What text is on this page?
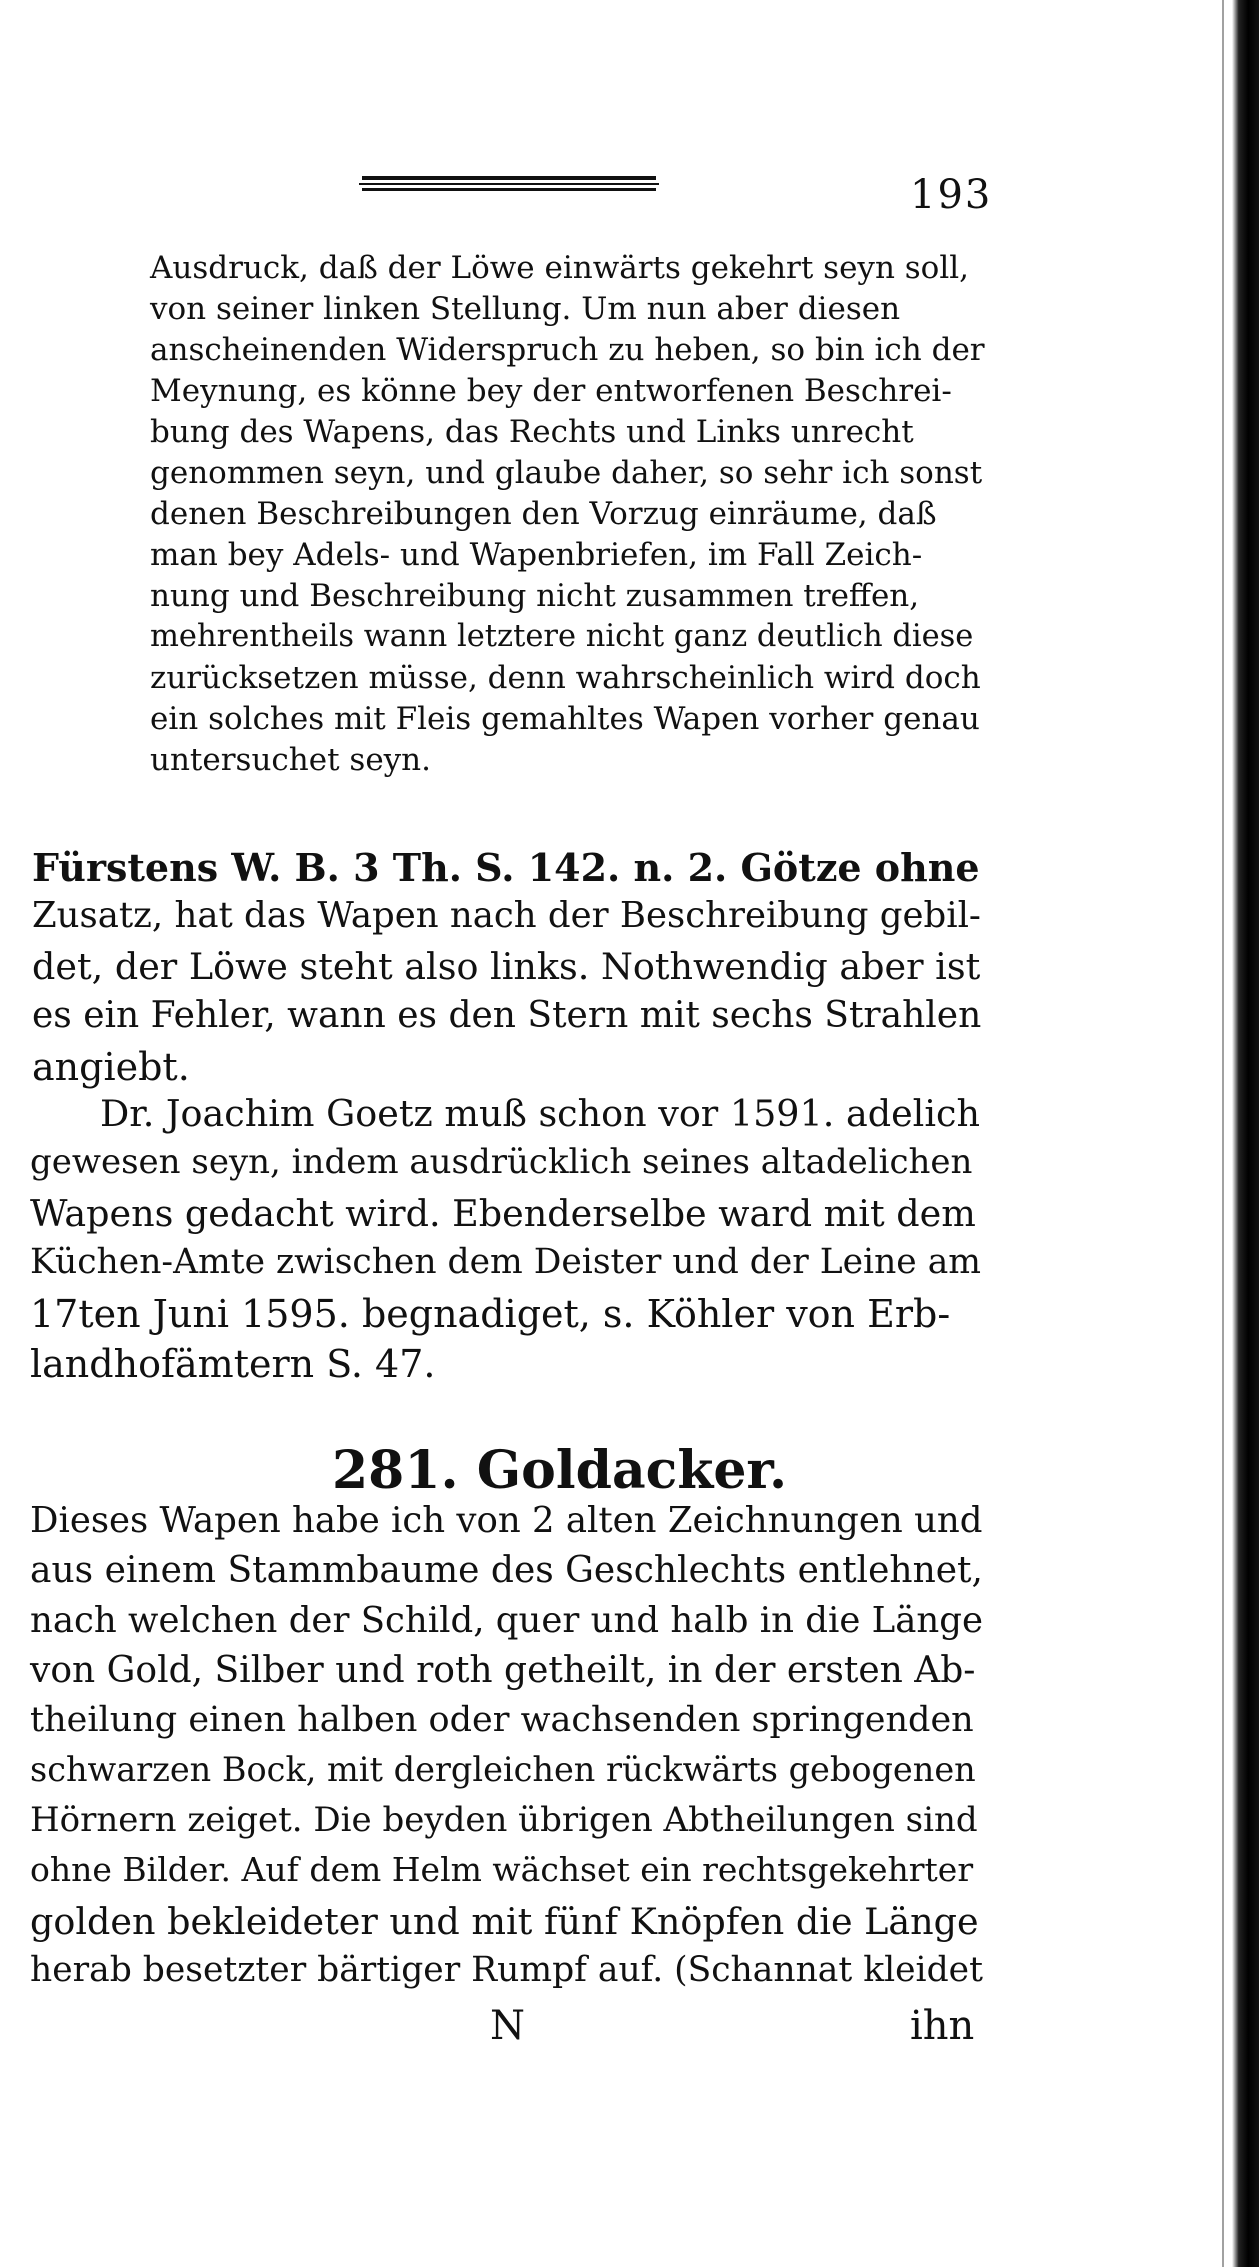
193
Ausdruck, daß der Löwe einwärts gekehrt seyn soll,
von seiner linken Stellung. Um nun aber diesen
anscheinenden Widerspruch zu heben, so bin ich der
Meynung, es könne bey der entworfenen Beschrei-
bung des Wapens, das Rechts und Links unrecht
genommen seyn, und glaube daher, so sehr ich sonst
denen Beschreibungen den Vorzug einräume, daß
man bey Adels- und Wapenbriefen, im Fall Zeich-
nung und Beschreibung nicht zusammen treffen,
mehrentheils wann letztere nicht ganz deutlich diese
zurücksetzen müsse, denn wahrscheinlich wird doch
ein solches mit Fleis gemahltes Wapen vorher genau
untersuchet seyn.
Fürstens W. B. 3 Th. S. 142. n. 2. Götze ohne
Zusatz, hat das Wapen nach der Beschreibung gebil-
det, der Löwe steht also links. Nothwendig aber ist
es ein Fehler, wann es den Stern mit sechs Strahlen
angiebt.
Dr. Joachim Goetz muß schon vor 1591. adelich
gewesen seyn, indem ausdrücklich seines altadelichen
Wapens gedacht wird. Ebenderselbe ward mit dem
Küchen-Amte zwischen dem Deister und der Leine am
17ten Juni 1595. begnadiget, s. Köhler von Erb-
landhofämtern S. 47.
281. Goldacker.
Dieses Wapen habe ich von 2 alten Zeichnungen und
aus einem Stammbaume des Geschlechts entlehnet,
nach welchen der Schild, quer und halb in die Länge
von Gold, Silber und roth getheilt, in der ersten Ab-
theilung einen halben oder wachsenden springenden
schwarzen Bock, mit dergleichen rückwärts gebogenen
Hörnern zeiget. Die beyden übrigen Abtheilungen sind
ohne Bilder. Auf dem Helm wächset ein rechtsgekehrter
golden bekleideter und mit fünf Knöpfen die Länge
herab besetzter bärtiger Rumpf auf. (Schannat kleidet
N	ihn
